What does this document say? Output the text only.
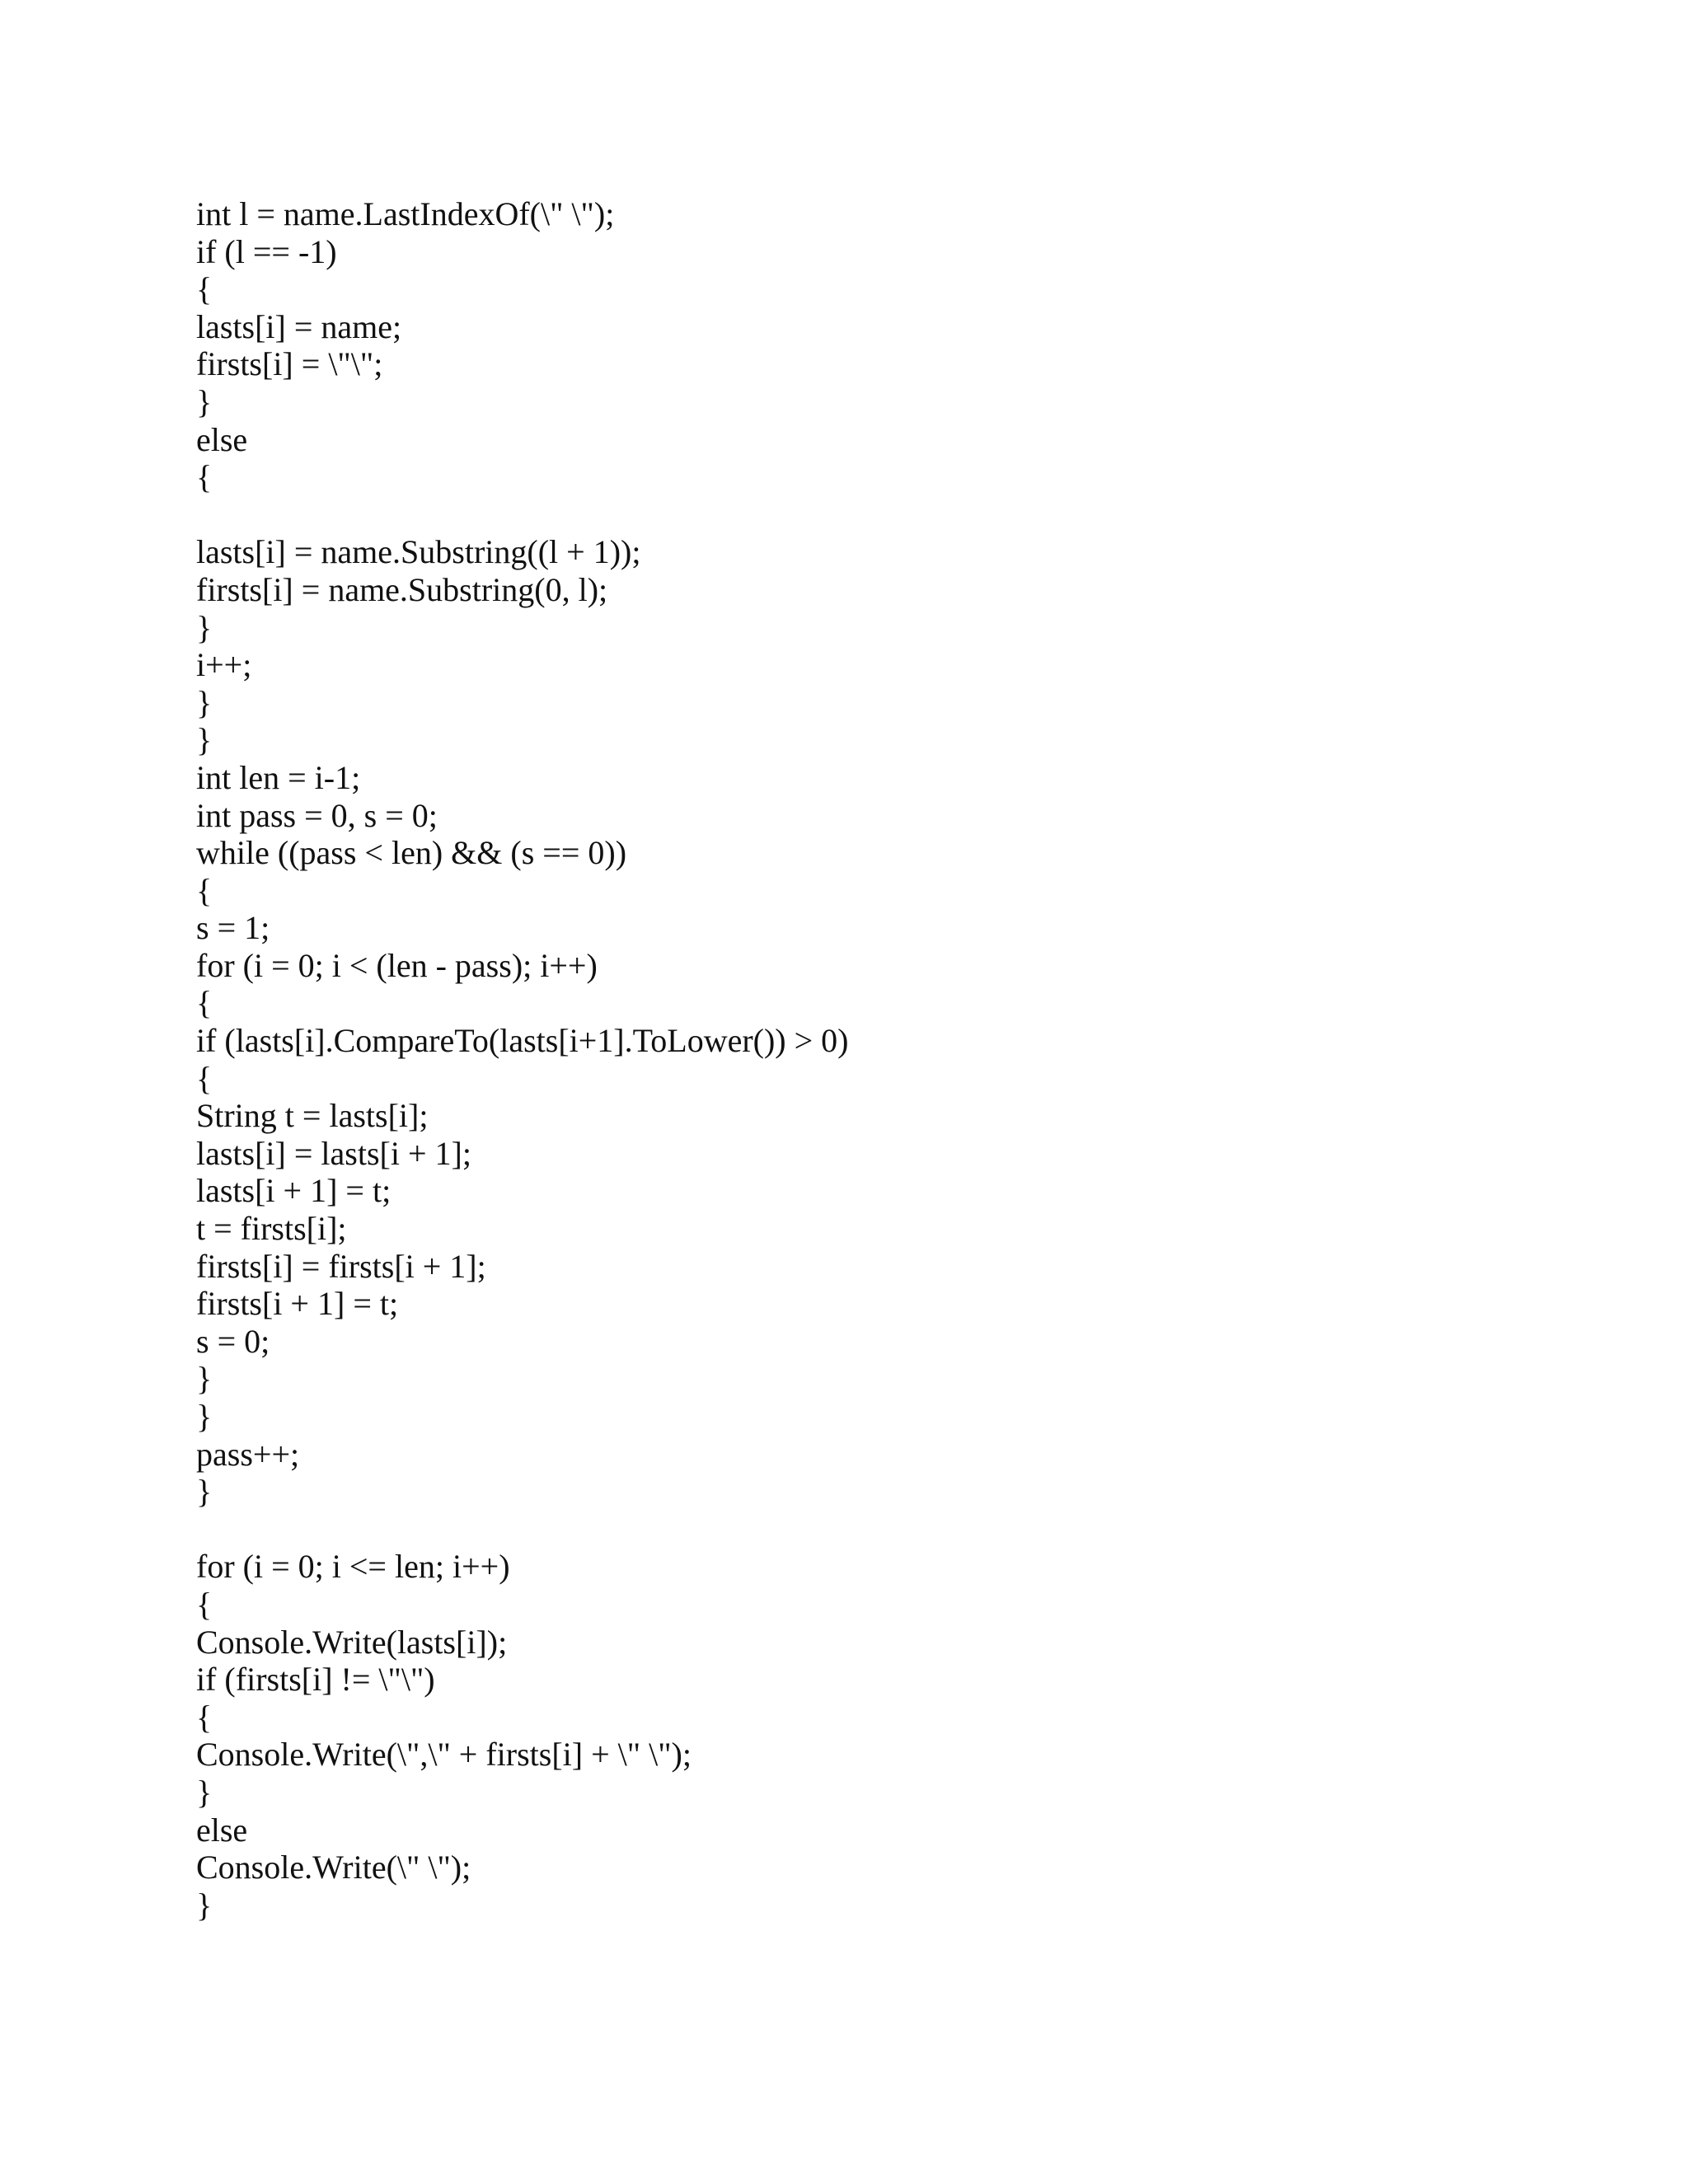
int l = name.LastIndexOf(\" \");
if (l == -1)
{
lasts[i] = name;
firsts[i] = \"\";
}
else
{
lasts[i] = name.Substring((l + 1));
firsts[i] = name.Substring(0, l);
}
i++;
}
}
int len = i-1;
int pass = 0, s = 0;
while ((pass < len) && (s == 0))
{
s = 1;
for (i = 0; i < (len - pass); i++)
{
if (lasts[i].CompareTo(lasts[i+1].ToLower()) > 0)
{
String t = lasts[i];
lasts[i] = lasts[i + 1];
lasts[i + 1] = t;
t = firsts[i];
firsts[i] = firsts[i + 1];
firsts[i + 1] = t;
s = 0;
}
}
pass++;
}
for (i = 0; i <= len; i++)
{
Console.Write(lasts[i]);
if (firsts[i] != \"\")
{
Console.Write(\",\" + firsts[i] + \" \");
}
else
Console.Write(\" \");
}
